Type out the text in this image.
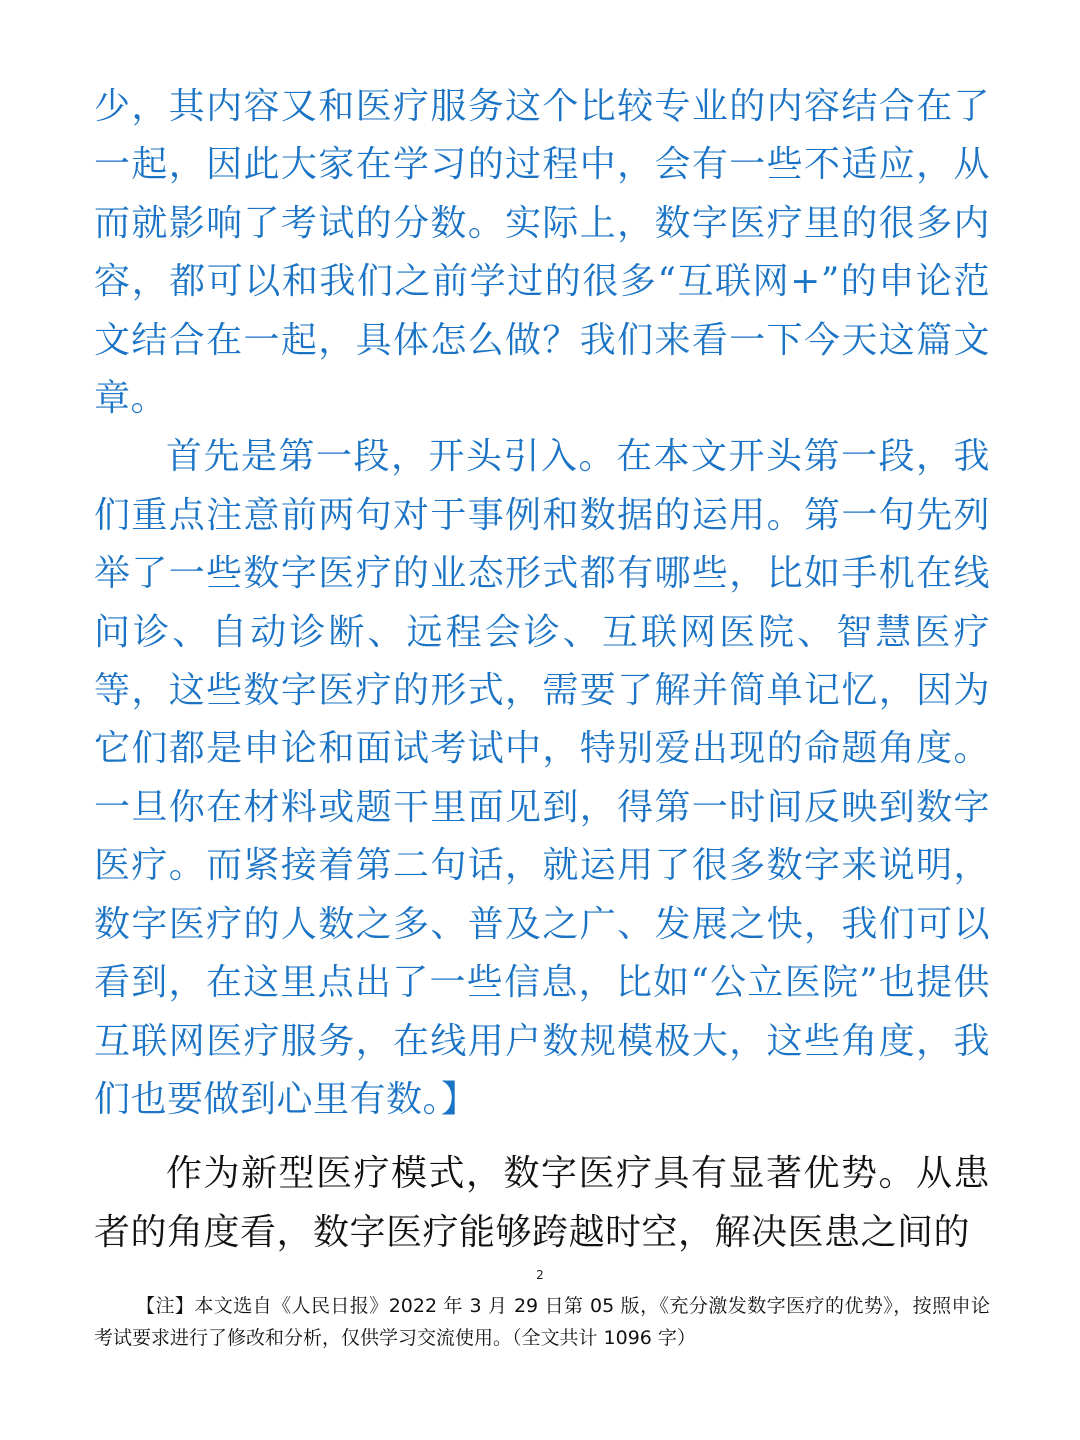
少，其内容又和医疗服务这个比较专业的内容结合在了一起，因此大家在学习的过程中，会有一些不适应，从而就影响了考试的分数。实际上，数字医疗里的很多内容，都可以和我们之前学过的很多“互联网+”的申论范文结合在一起，具体怎么做？我们来看一下今天这篇文章。

首先是第一段，开头引入。在本文开头第一段，我们重点注意前两句对于事例和数据的运用。第一句先列举了一些数字医疗的业态形式都有哪些，比如手机在线问诊、自动诊断、远程会诊、互联网医院、智慧医疗等，这些数字医疗的形式，需要了解并简单记忆，因为它们都是申论和面试考试中，特别爱出现的命题角度。一旦你在材料或题干里面见到，得第一时间反映到数字医疗。而紧接着第二句话，就运用了很多数字来说明，数字医疗的人数之多、普及之广、发展之快，我们可以看到，在这里点出了一些信息，比如“公立医院”也提供互联网医疗服务，在线用户数规模极大，这些角度，我们也要做到心里有数。】

作为新型医疗模式，数字医疗具有显著优势。从患者的角度看，数字医疗能够跨越时空，解决医患之间的

2
【注】本文选自《人民日报》2022 年 3 月 29 日第 05 版，《充分激发数字医疗的优势》，按照申论考试要求进行了修改和分析，仅供学习交流使用。（全文共计 1096 字）
